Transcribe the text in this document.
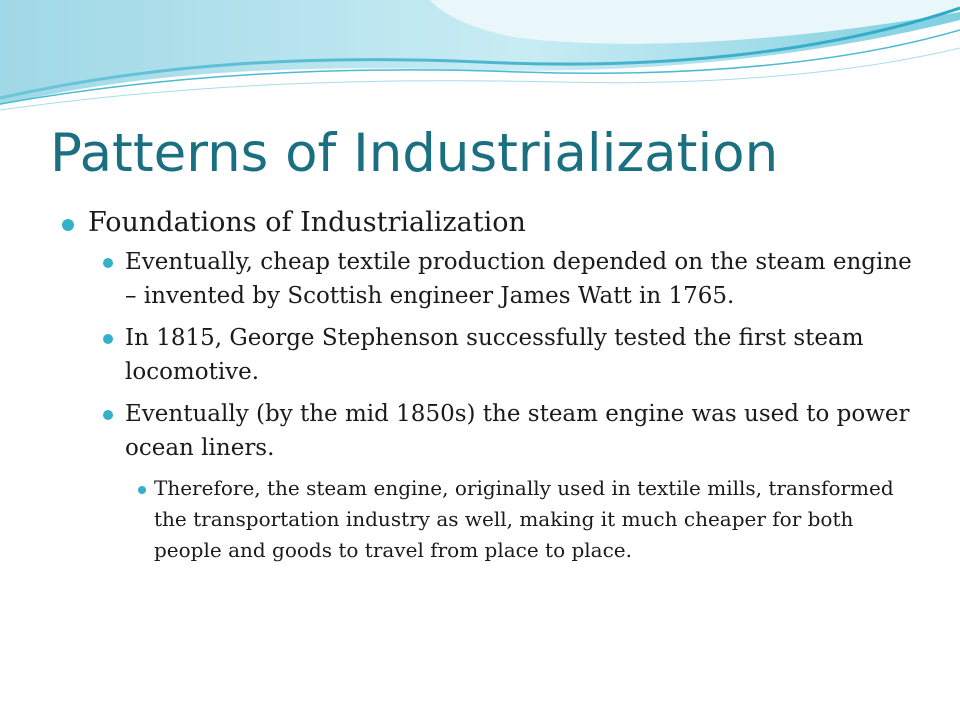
Patterns of Industrialization
Foundations of Industrialization
Eventually, cheap textile production depended on the steam engine – invented by Scottish engineer James Watt in 1765.
In 1815, George Stephenson successfully tested the first steam locomotive.
Eventually (by the mid 1850s) the steam engine was used to power ocean liners.
Therefore, the steam engine, originally used in textile mills, transformed the transportation industry as well, making it much cheaper for both people and goods to travel from place to place.
